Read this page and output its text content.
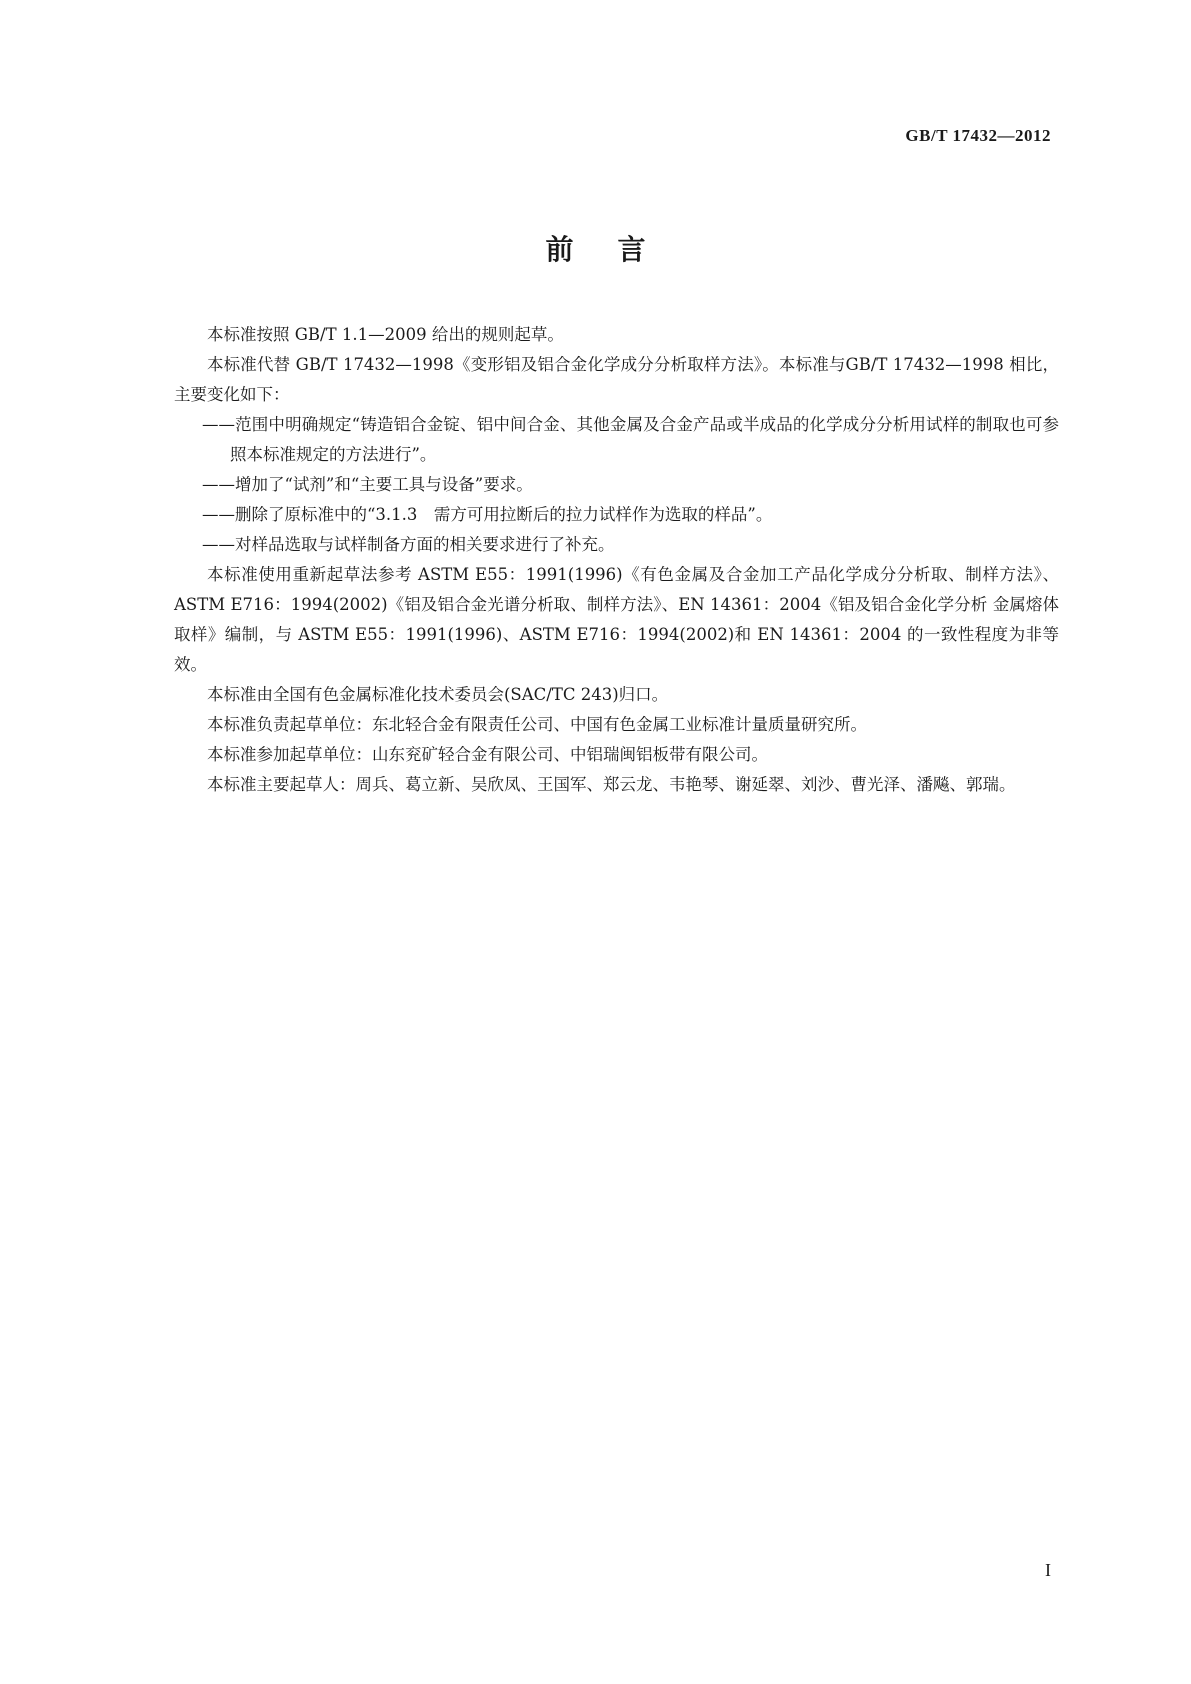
GB/T 17432—2012
前言

本标准按照 GB/T 1.1—2009 给出的规则起草。

本标准代替 GB/T 17432—1998《变形铝及铝合金化学成分分析取样方法》。本标准与GB/T 17432—1998 相比，主要变化如下：

——范围中明确规定“铸造铝合金锭、铝中间合金、其他金属及合金产品或半成品的化学成分分析用试样的制取也可参照本标准规定的方法进行”。

——增加了“试剂”和“主要工具与设备”要求。

——删除了原标准中的“3.1.3　需方可用拉断后的拉力试样作为选取的样品”。

——对样品选取与试样制备方面的相关要求进行了补充。

本标准使用重新起草法参考 ASTM E55：1991(1996)《有色金属及合金加工产品化学成分分析取、制样方法》、ASTM E716：1994(2002)《铝及铝合金光谱分析取、制样方法》、EN 14361：2004《铝及铝合金化学分析 金属熔体取样》编制，与 ASTM E55：1991(1996)、ASTM E716：1994(2002)和 EN 14361：2004 的一致性程度为非等效。

本标准由全国有色金属标准化技术委员会(SAC/TC 243)归口。

本标准负责起草单位：东北轻合金有限责任公司、中国有色金属工业标准计量质量研究所。

本标准参加起草单位：山东兖矿轻合金有限公司、中铝瑞闽铝板带有限公司。

本标准主要起草人：周兵、葛立新、吴欣凤、王国军、郑云龙、韦艳琴、谢延翠、刘沙、曹光泽、潘飚、郭瑞。

I
